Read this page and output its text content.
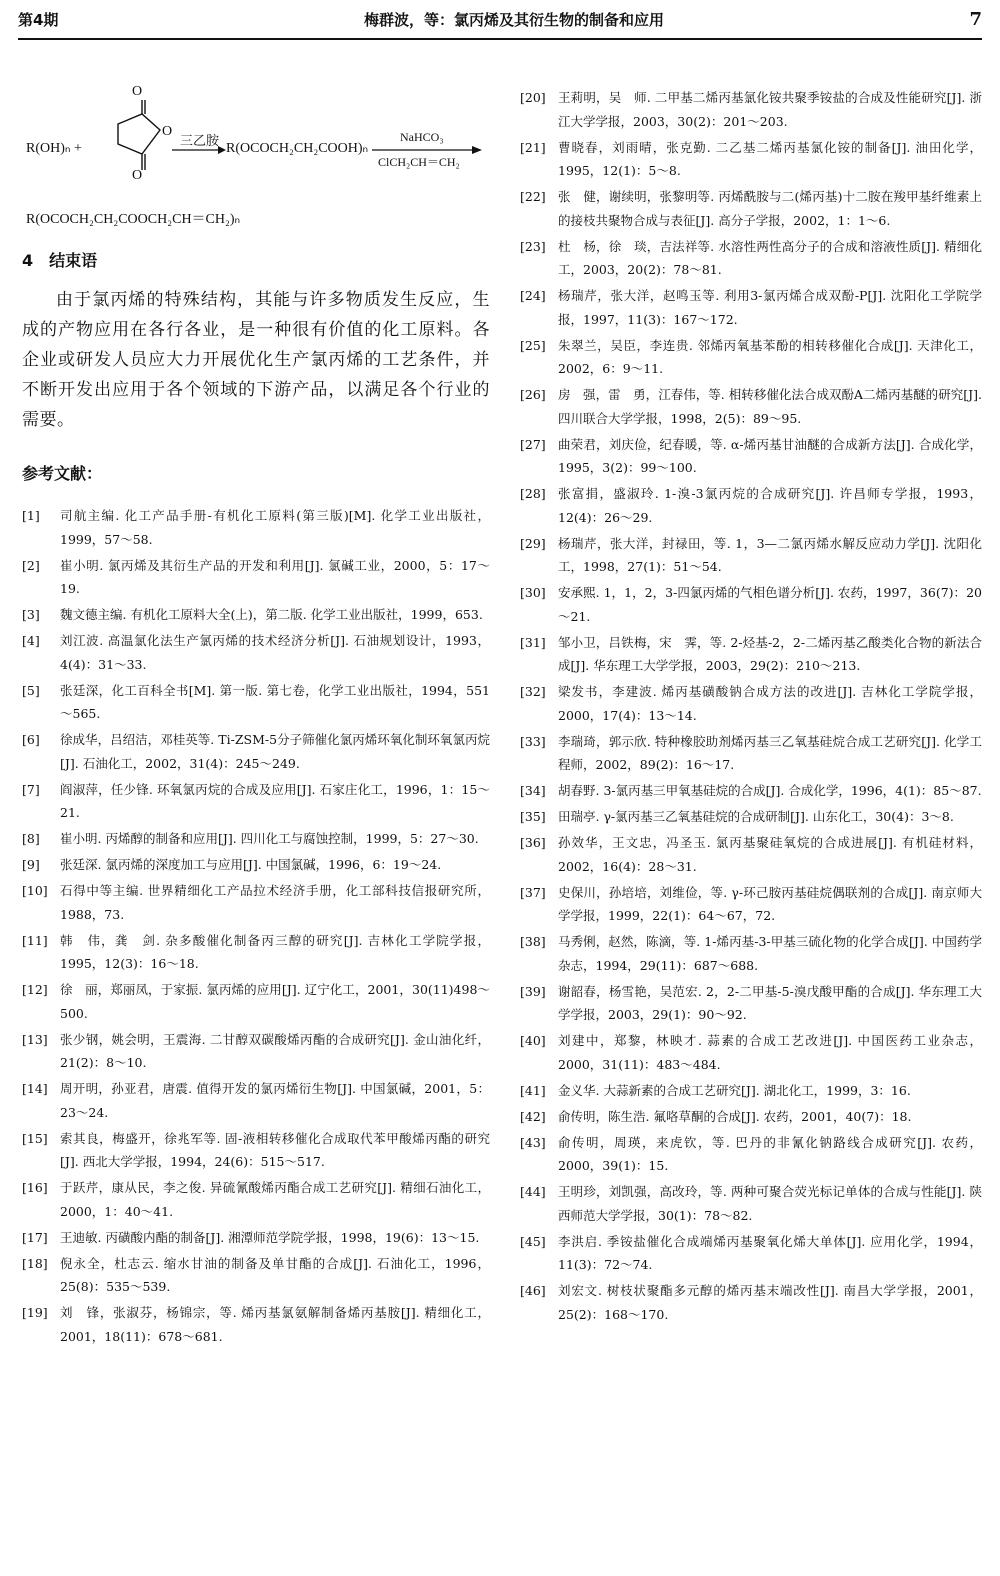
第4期	梅群波，等：氯丙烯及其衍生物的制备和应用	7
O
O
O
R(OH)ₙ +
三乙胺
R(OCOCH₂CH₂COOH)ₙ
NaHCO₃
ClCH₂CH＝CH₂
R(OCOCH₂CH₂COOCH₂CH＝CH₂)ₙ
4　结束语

由于氯丙烯的特殊结构，其能与许多物质发生反应，生成的产物应用在各行各业，是一种很有价值的化工原料。各企业或研发人员应大力开展优化生产氯丙烯的工艺条件，并不断开发出应用于各个领域的下游产品，以满足各个行业的需要。

参考文献：
[1]	司航主编. 化工产品手册-有机化工原料(第三版)[M]. 化学工业出版社，1999，57～58.
[2]	崔小明. 氯丙烯及其衍生产品的开发和利用[J]. 氯碱工业，2000，5：17～19.
[3]	魏文德主编. 有机化工原料大全(上)，第二版. 化学工业出版社，1999，653.
[4]	刘江波. 高温氯化法生产氯丙烯的技术经济分析[J]. 石油规划设计，1993，4(4)：31～33.
[5]	张廷深，化工百科全书[M]. 第一版. 第七卷，化学工业出版社，1994，551～565.
[6]	徐成华，吕绍洁，邓桂英等. Ti-ZSM-5分子筛催化氯丙烯环氧化制环氧氯丙烷[J]. 石油化工，2002，31(4)：245～249.
[7]	阎淑萍，任少锋. 环氧氯丙烷的合成及应用[J]. 石家庄化工，1996，1：15～21.
[8]	崔小明. 丙烯醇的制备和应用[J]. 四川化工与腐蚀控制，1999，5：27～30.
[9]	张廷深. 氯丙烯的深度加工与应用[J]. 中国氯碱，1996，6：19～24.
[10] 石得中等主编. 世界精细化工产品拉术经济手册，化工部科技信报研究所，1988，73.
[11] 韩　伟，龚　剑. 杂多酸催化制备丙三醇的研究[J]. 吉林化工学院学报，1995，12(3)：16～18.
[12] 徐　丽，郑丽凤，于家振. 氯丙烯的应用[J]. 辽宁化工，2001，30(11)498～500.
[13] 张少钢，姚会明，王震海. 二甘醇双碳酸烯丙酯的合成研究[J]. 金山油化纤，21(2)：8～10.
[14] 周开明，孙亚君，唐震. 值得开发的氯丙烯衍生物[J]. 中国氯碱，2001，5：23～24.
[15] 索其良，梅盛开，徐兆军等. 固-液相转移催化合成取代苯甲酸烯丙酯的研究[J]. 西北大学学报，1994，24(6)：515～517.
[16] 于跃芹，康从民，李之俊. 异硫氰酸烯丙酯合成工艺研究[J]. 精细石油化工，2000，1：40～41.
[17] 王迪敏. 丙磺酸内酯的制备[J]. 湘潭师范学院学报，1998，19(6)：13～15.
[18] 倪永全，杜志云. 缩水甘油的制备及单甘酯的合成[J]. 石油化工，1996，25(8)：535～539.
[19] 刘　锋，张淑芬，杨锦宗，等. 烯丙基氯氨解制备烯丙基胺[J]. 精细化工，2001，18(11)：678～681.
[20] 王莉明，吴　师. 二甲基二烯丙基氯化铵共聚季铵盐的合成及性能研究[J]. 浙江大学学报，2003，30(2)：201～203.
[21] 曹晓春，刘雨晴，张克勤. 二乙基二烯丙基氯化铵的制备[J]. 油田化学，1995，12(1)：5～8.
[22] 张　健，谢续明，张黎明等. 丙烯酰胺与二(烯丙基)十二胺在羧甲基纤维素上的接枝共聚物合成与表征[J]. 高分子学报，2002，1：1～6.
[23] 杜　杨，徐　琰，吉法祥等. 水溶性两性高分子的合成和溶液性质[J]. 精细化工，2003，20(2)：78～81.
[24] 杨瑞芹，张大洋，赵鸣玉等. 利用3-氯丙烯合成双酚-P[J]. 沈阳化工学院学报，1997，11(3)：167～172.
[25] 朱翠兰，吴臣，李连贵. 邻烯丙氧基苯酚的相转移催化合成[J]. 天津化工，2002，6：9～11.
[26] 房　强，雷　勇，江春伟，等. 相转移催化法合成双酚A二烯丙基醚的研究[J]. 四川联合大学学报，1998，2(5)：89～95.
[27] 曲荣君，刘庆俭，纪春暖，等. α-烯丙基甘油醚的合成新方法[J]. 合成化学，1995，3(2)：99～100.
[28] 张富捐，盛淑玲. 1-溴-3氯丙烷的合成研究[J]. 许昌师专学报，1993，12(4)：26～29.
[29] 杨瑞芹，张大洋，封禄田，等. 1，3—二氯丙烯水解反应动力学[J]. 沈阳化工，1998，27(1)：51～54.
[30] 安承熙. 1，1，2，3-四氯丙烯的气相色谱分析[J]. 农药，1997，36(7)：20～21.
[31] 邹小卫，吕铁梅，宋　霁，等. 2-烃基-2，2-二烯丙基乙酸类化合物的新法合成[J]. 华东理工大学学报，2003，29(2)：210～213.
[32] 梁发书，李建波. 烯丙基磺酸钠合成方法的改进[J]. 吉林化工学院学报，2000，17(4)：13～14.
[33] 李瑞琦，郭示欣. 特种橡胶助剂烯丙基三乙氧基硅烷合成工艺研究[J]. 化学工程师，2002，89(2)：16～17.
[34] 胡春野. 3-氯丙基三甲氧基硅烷的合成[J]. 合成化学，1996，4(1)：85～87.
[35] 田瑞亭. γ-氯丙基三乙氧基硅烷的合成研制[J]. 山东化工，30(4)：3～8.
[36] 孙效华，王文忠，冯圣玉. 氯丙基聚硅氧烷的合成进展[J]. 有机硅材料，2002，16(4)：28～31.
[37] 史保川，孙培培，刘维俭，等. γ-环己胺丙基硅烷偶联剂的合成[J]. 南京师大学学报，1999，22(1)：64～67，72.
[38] 马秀俐，赵然，陈滴，等. 1-烯丙基-3-甲基三硫化物的化学合成[J]. 中国药学杂志，1994，29(11)：687～688.
[39] 谢韶春，杨雪艳，吴范宏. 2，2-二甲基-5-溴戊酸甲酯的合成[J]. 华东理工大学学报，2003，29(1)：90～92.
[40] 刘建中，郑黎，林映才. 蒜素的合成工艺改进[J]. 中国医药工业杂志，2000，31(11)：483～484.
[41] 金义华. 大蒜新素的合成工艺研究[J]. 湖北化工，1999，3：16.
[42] 俞传明，陈生浩. 氟咯草酮的合成[J]. 农药，2001，40(7)：18.
[43] 俞传明，周瑛，来虎钦，等. 巴丹的非氰化钠路线合成研究[J]. 农药，2000，39(1)：15.
[44] 王明珍，刘凯强，高改玲，等. 两种可聚合荧光标记单体的合成与性能[J]. 陕西师范大学学报，30(1)：78～82.
[45] 李洪启. 季铵盐催化合成端烯丙基聚氧化烯大单体[J]. 应用化学，1994，11(3)：72～74.
[46] 刘宏文. 树枝状聚酯多元醇的烯丙基末端改性[J]. 南昌大学学报，2001，25(2)：168～170.
